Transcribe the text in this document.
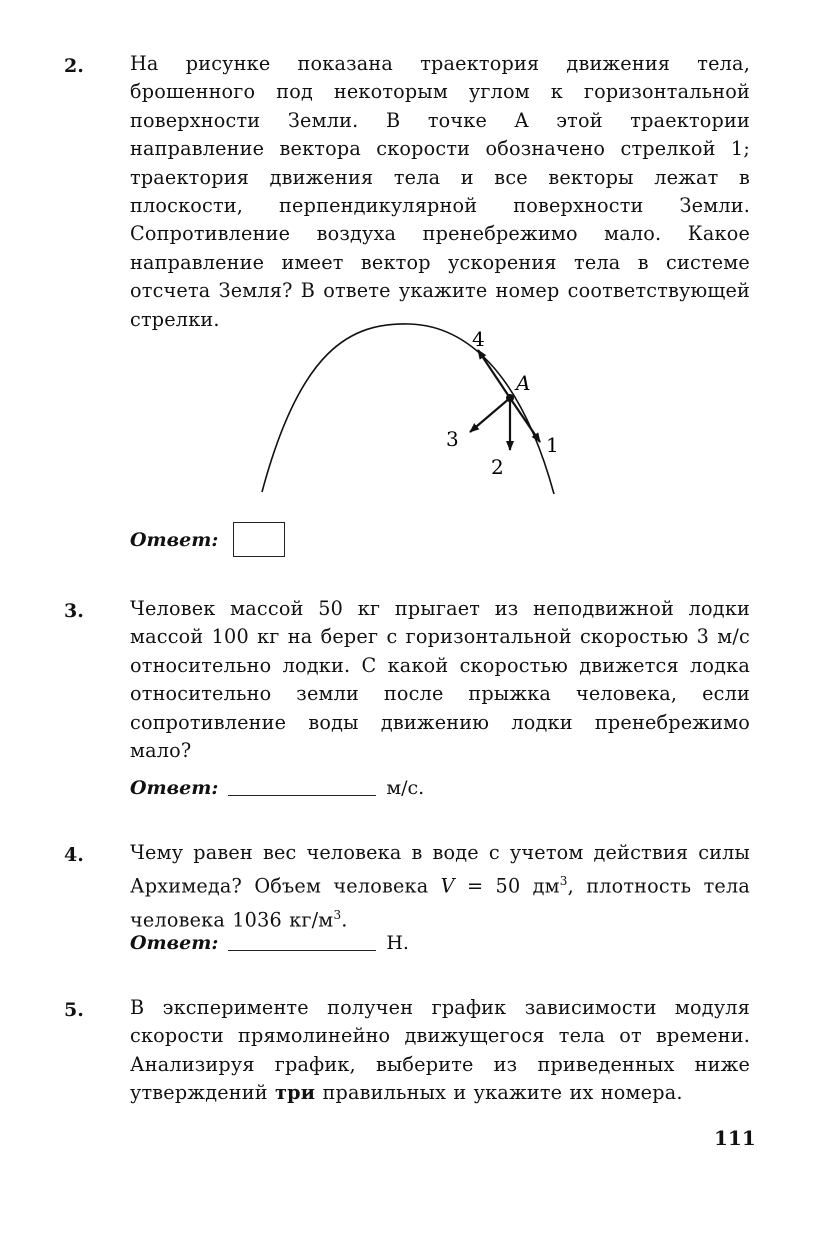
2. На рисунке показана траектория движения тела, брошенного под некоторым углом к горизонтальной поверхности Земли. В точке A этой траектории направление вектора скорости обозначено стрелкой 1; траектория движения тела и все векторы лежат в плоскости, перпендикулярной поверхности Земли. Сопротивление воздуха пренебрежимо мало. Какое направление имеет вектор ускорения тела в системе отсчета Земля? В ответе укажите номер соответствующей стрелки.
A
1
2
3
4
Ответ:
3. Человек массой 50 кг прыгает из неподвижной лодки массой 100 кг на берег с горизонтальной скоростью 3 м/с относительно лодки. С какой скоростью движется лодка относительно земли после прыжка человека, если сопротивление воды движению лодки пренебрежимо мало?
Ответ:	м/с.
4. Чему равен вес человека в воде с учетом действия силы Архимеда? Объем человека V = 50 $дм^3$, плотность тела человека 1036 $кг/м^3$.
Ответ:	Н.
5. В эксперименте получен график зависимости модуля скорости прямолинейно движущегося тела от времени. Анализируя график, выберите из приведенных ниже утверждений три правильных и укажите их номера.
111
